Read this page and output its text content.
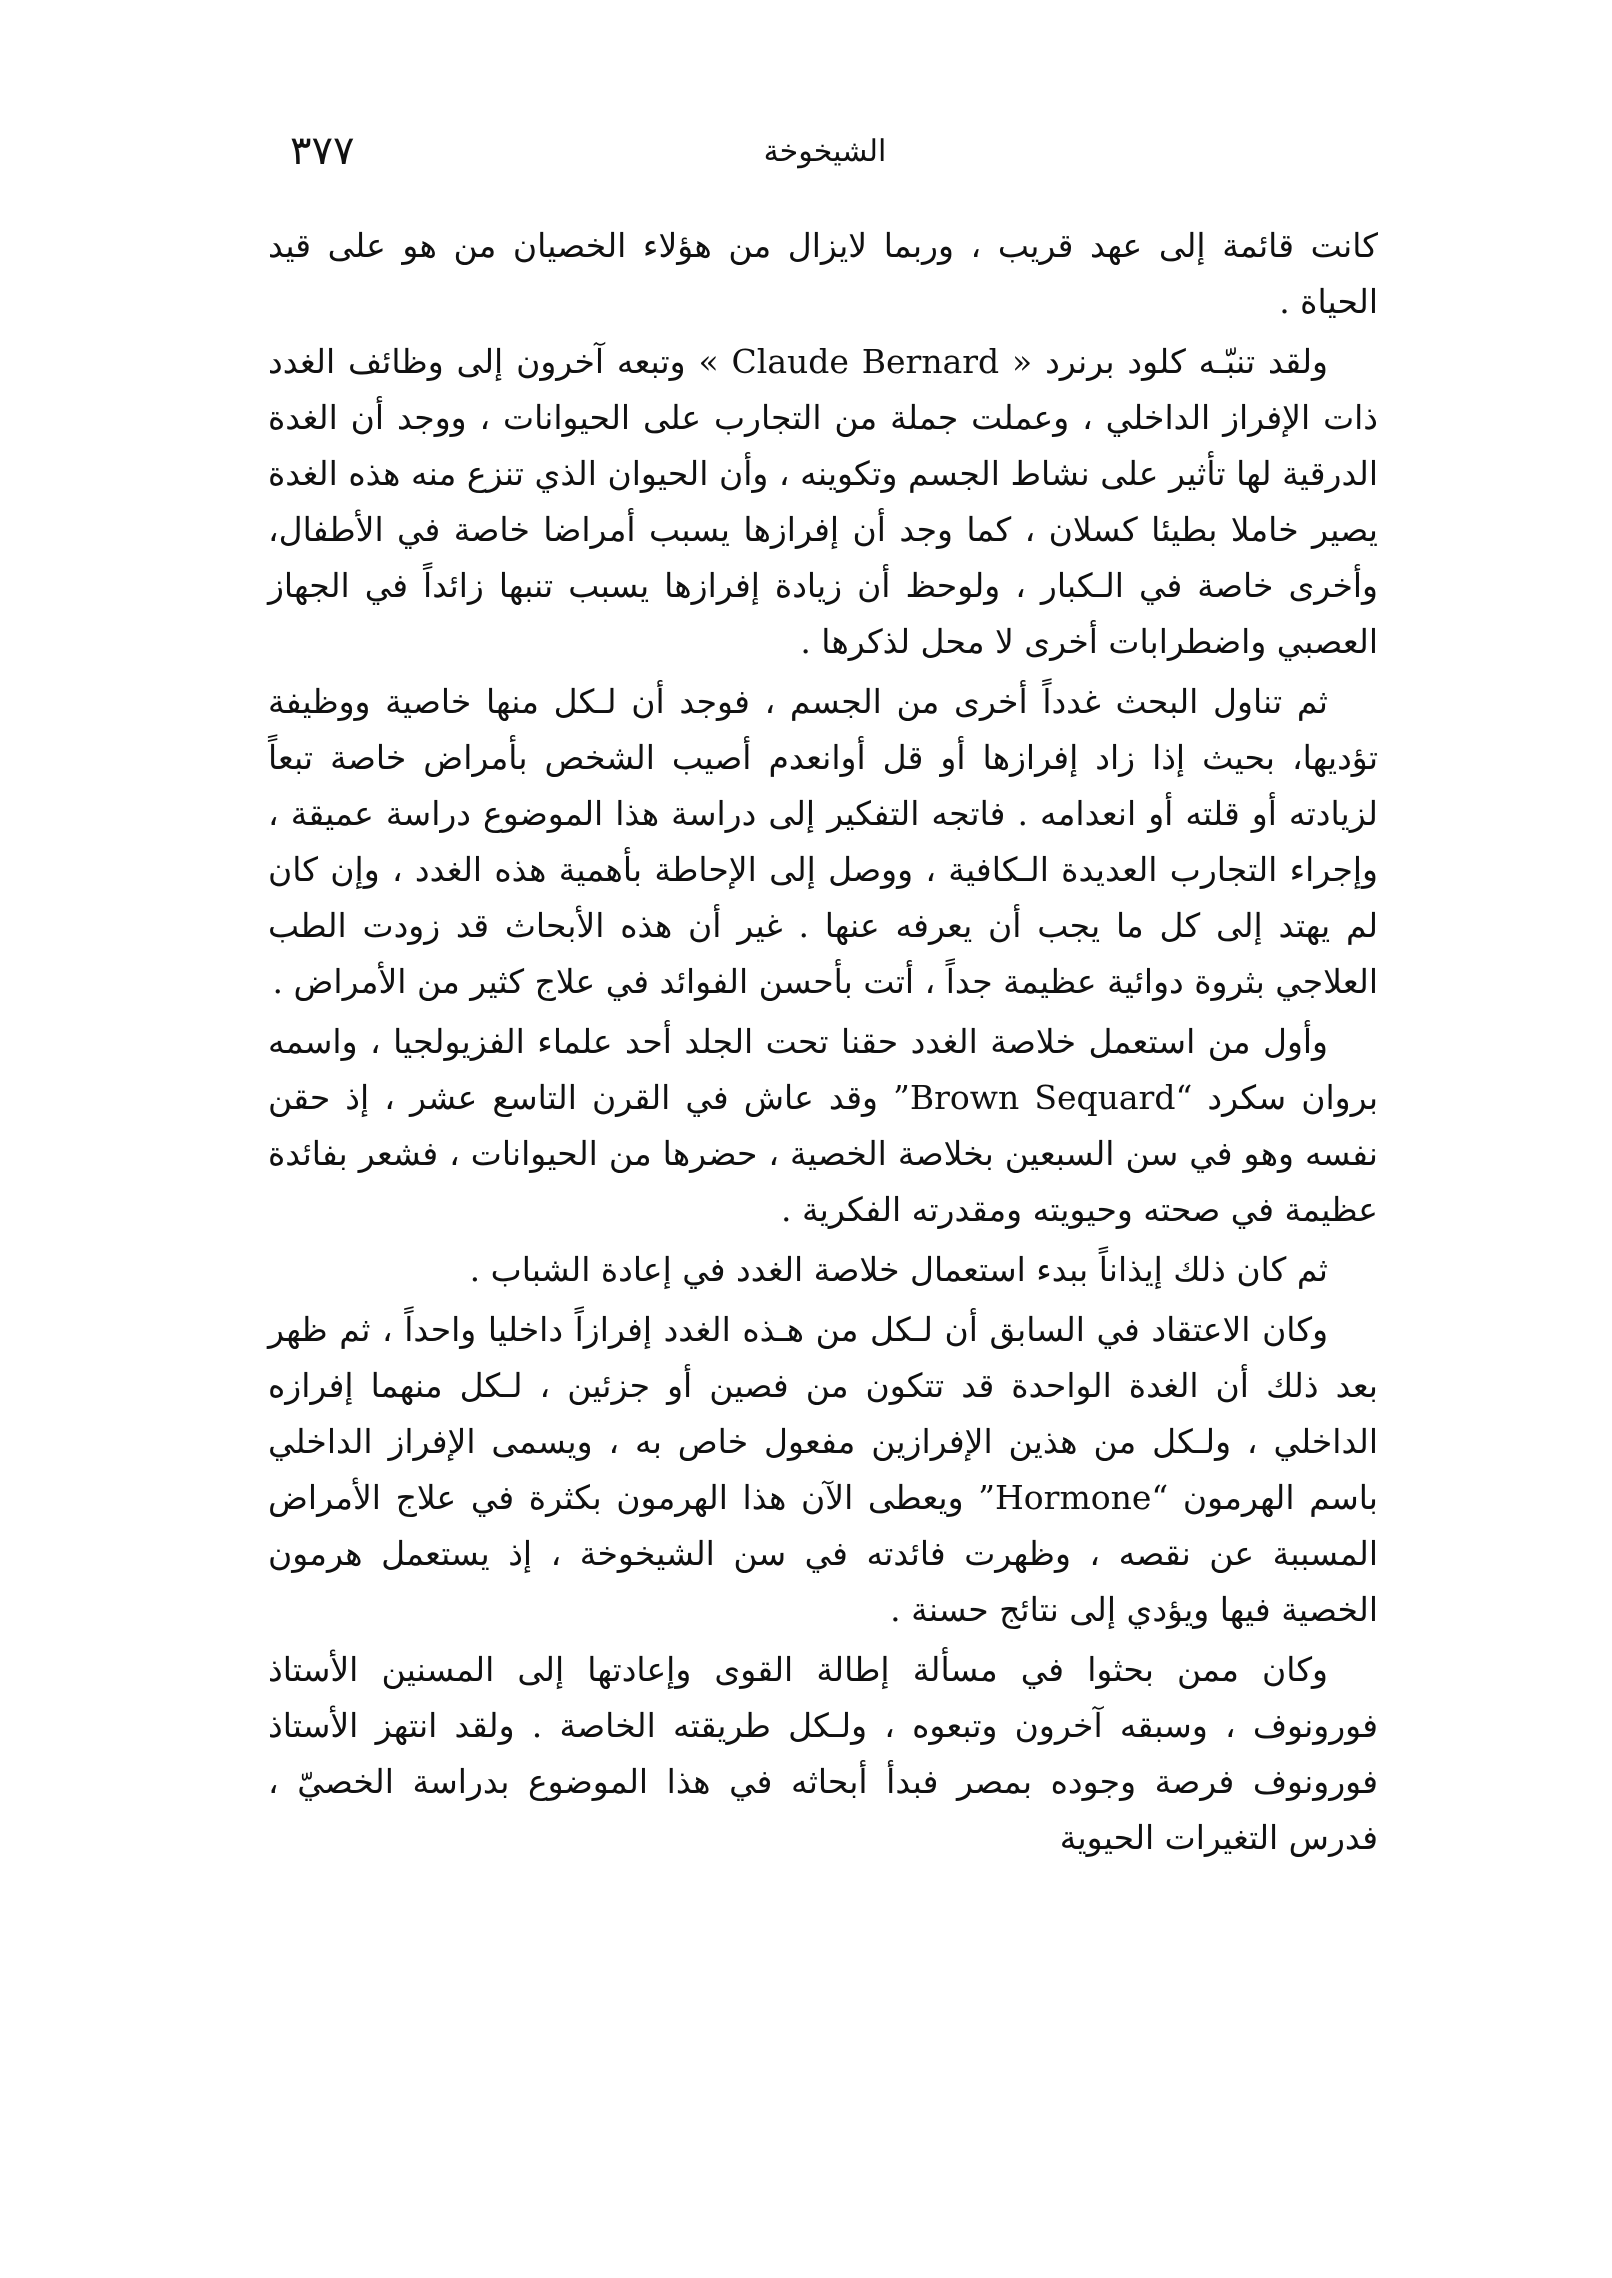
الشيخوخة
٣٧٧

كانت قائمة إلى عهد قريب ، وربما لايزال من هؤلاء الخصيان من هو على قيد الحياة .

ولقد تنبّـه كلود برنرد « Claude Bernard » وتبعه آخرون إلى وظائف الغدد ذات الإفراز الداخلي ، وعملت جملة من التجارب على الحيوانات ، ووجد أن الغدة الدرقية لها تأثير على نشاط الجسم وتكوينه ، وأن الحيوان الذي تنزع منه هذه الغدة يصير خاملا بطيئا كسلان ، كما وجد أن إفرازها يسبب أمراضا خاصة في الأطفال، وأخرى خاصة في الـكبار ، ولوحظ أن زيادة إفرازها يسبب تنبها زائداً في الجهاز العصبي واضطرابات أخرى لا محل لذكرها .

ثم تناول البحث غدداً أخرى من الجسم ، فوجد أن لـكل منها خاصية ووظيفة تؤديها، بحيث إذا زاد إفرازها أو قل أوانعدم أصيب الشخص بأمراض خاصة تبعاً لزيادته أو قلته أو انعدامه . فاتجه التفكير إلى دراسة هذا الموضوع دراسة عميقة ، وإجراء التجارب العديدة الـكافية ، ووصل إلى الإحاطة بأهمية هذه الغدد ، وإن كان لم يهتد إلى كل ما يجب أن يعرفه عنها . غير أن هذه الأبحاث قد زودت الطب العلاجي بثروة دوائية عظيمة جداً ، أتت بأحسن الفوائد في علاج كثير من الأمراض .

وأول من استعمل خلاصة الغدد حقنا تحت الجلد أحد علماء الفزيولجيا ، واسمه بروان سكرد “Brown Sequard” وقد عاش في القرن التاسع عشر ، إذ حقن نفسه وهو في سن السبعين بخلاصة الخصية ، حضرها من الحيوانات ، فشعر بفائدة عظيمة في صحته وحيويته ومقدرته الفكرية .

ثم كان ذلك إيذاناً ببدء استعمال خلاصة الغدد في إعادة الشباب .

وكان الاعتقاد في السابق أن لـكل من هـذه الغدد إفرازاً داخليا واحداً ، ثم ظهر بعد ذلك أن الغدة الواحدة قد تتكون من فصين أو جزئين ، لـكل منهما إفرازه الداخلي ، ولـكل من هذين الإفرازين مفعول خاص به ، ويسمى الإفراز الداخلي باسم الهرمون “Hormone” ويعطى الآن هذا الهرمون بكثرة في علاج الأمراض المسببة عن نقصه ، وظهرت فائدته في سن الشيخوخة ، إذ يستعمل هرمون الخصية فيها ويؤدي إلى نتائج حسنة .

وكان ممن بحثوا في مسألة إطالة القوى وإعادتها إلى المسنين الأستاذ فورونوف ، وسبقه آخرون وتبعوه ، ولـكل طريقته الخاصة . ولقد انتهز الأستاذ فورونوف فرصة وجوده بمصر فبدأ أبحاثه في هذا الموضوع بدراسة الخصيّ ، فدرس التغيرات الحيوية
